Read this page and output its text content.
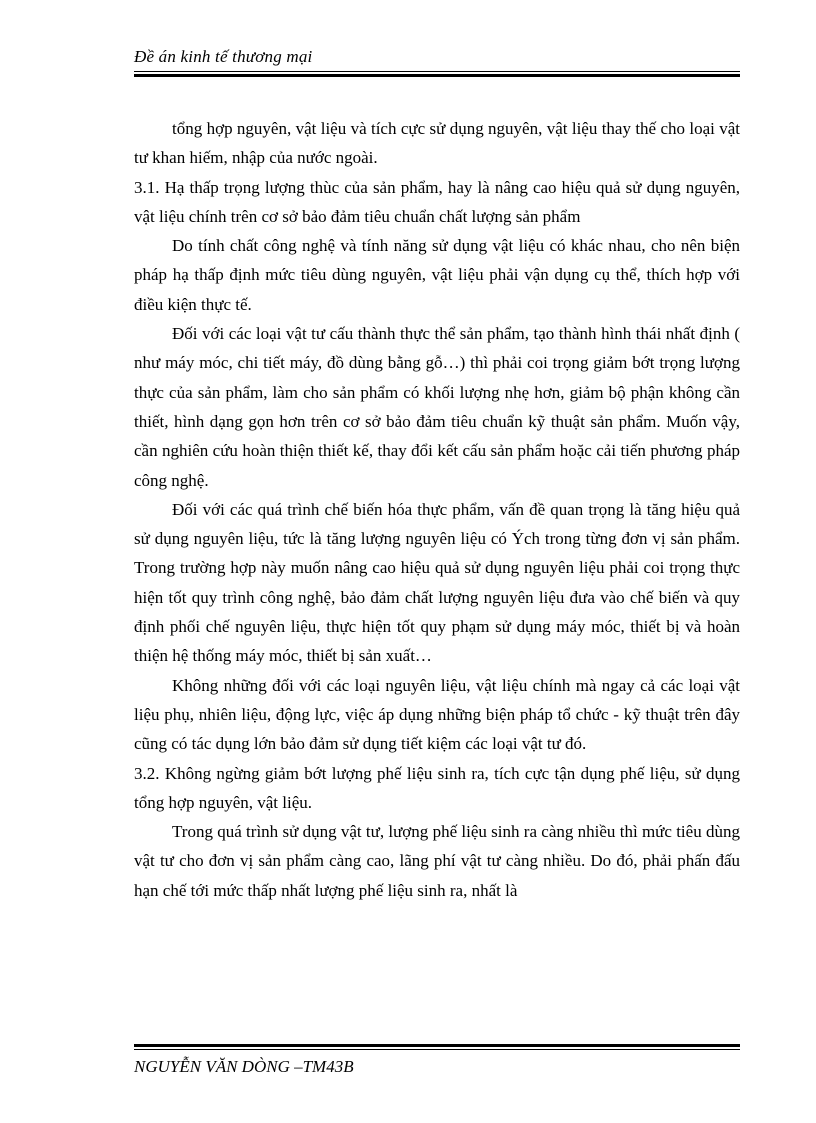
Đề án kinh tế thương mại

tổng hợp nguyên, vật liệu và tích cực sử dụng nguyên, vật liệu thay thế cho loại vật tư khan hiếm, nhập của nước ngoài.

3.1. Hạ thấp trọng lượng thùc của sản phẩm, hay là nâng cao hiệu quả sử dụng nguyên, vật liệu chính trên cơ sở bảo đảm tiêu chuẩn chất lượng sản phẩm

Do tính chất công nghệ và tính năng sử dụng vật liệu có khác nhau, cho nên biện pháp hạ thấp định mức tiêu dùng nguyên, vật liệu phải vận dụng cụ thể, thích hợp với điều kiện thực tế.

Đối với các loại vật tư cấu thành thực thể sản phẩm, tạo thành hình thái nhất định ( như máy móc, chi tiết máy, đồ dùng bằng gỗ…) thì phải coi trọng giảm bớt trọng lượng thực của sản phẩm, làm cho sản phẩm có khối lượng nhẹ hơn, giảm bộ phận không cần thiết, hình dạng gọn hơn trên cơ sở bảo đảm tiêu chuẩn kỹ thuật sản phẩm. Muốn vậy, cần nghiên cứu hoàn thiện thiết kế, thay đổi kết cấu sản phẩm hoặc cải tiến phương pháp công nghệ.

Đối với các quá trình chế biến hóa thực phẩm, vấn đề quan trọng là tăng hiệu quả sử dụng nguyên liệu, tức là tăng lượng nguyên liệu có Ých trong từng đơn vị sản phẩm. Trong trường hợp này muốn nâng cao hiệu quả sử dụng nguyên liệu phải coi trọng thực hiện tốt quy trình công nghệ, bảo đảm chất lượng nguyên liệu đưa vào chế biến và quy định phối chế nguyên liệu, thực hiện tốt quy phạm sử dụng máy móc, thiết bị và hoàn thiện hệ thống máy móc, thiết bị sản xuất…

Không những đối với các loại nguyên liệu, vật liệu chính mà ngay cả các loại vật liệu phụ, nhiên liệu, động lực, việc áp dụng những biện pháp tổ chức - kỹ thuật trên đây cũng có tác dụng lớn bảo đảm sử dụng tiết kiệm các loại vật tư đó.

3.2. Không ngừng giảm bớt lượng phế liệu sinh ra, tích cực tận dụng phế liệu, sử dụng tổng hợp nguyên, vật liệu.

Trong quá trình sử dụng vật tư, lượng phế liệu sinh ra càng nhiều thì mức tiêu dùng vật tư cho đơn vị sản phẩm càng cao, lãng phí vật tư càng nhiều. Do đó, phải phấn đấu hạn chế tới mức thấp nhất lượng phế liệu sinh ra, nhất là

NGUYỄN VĂN DÒNG –TM43B
